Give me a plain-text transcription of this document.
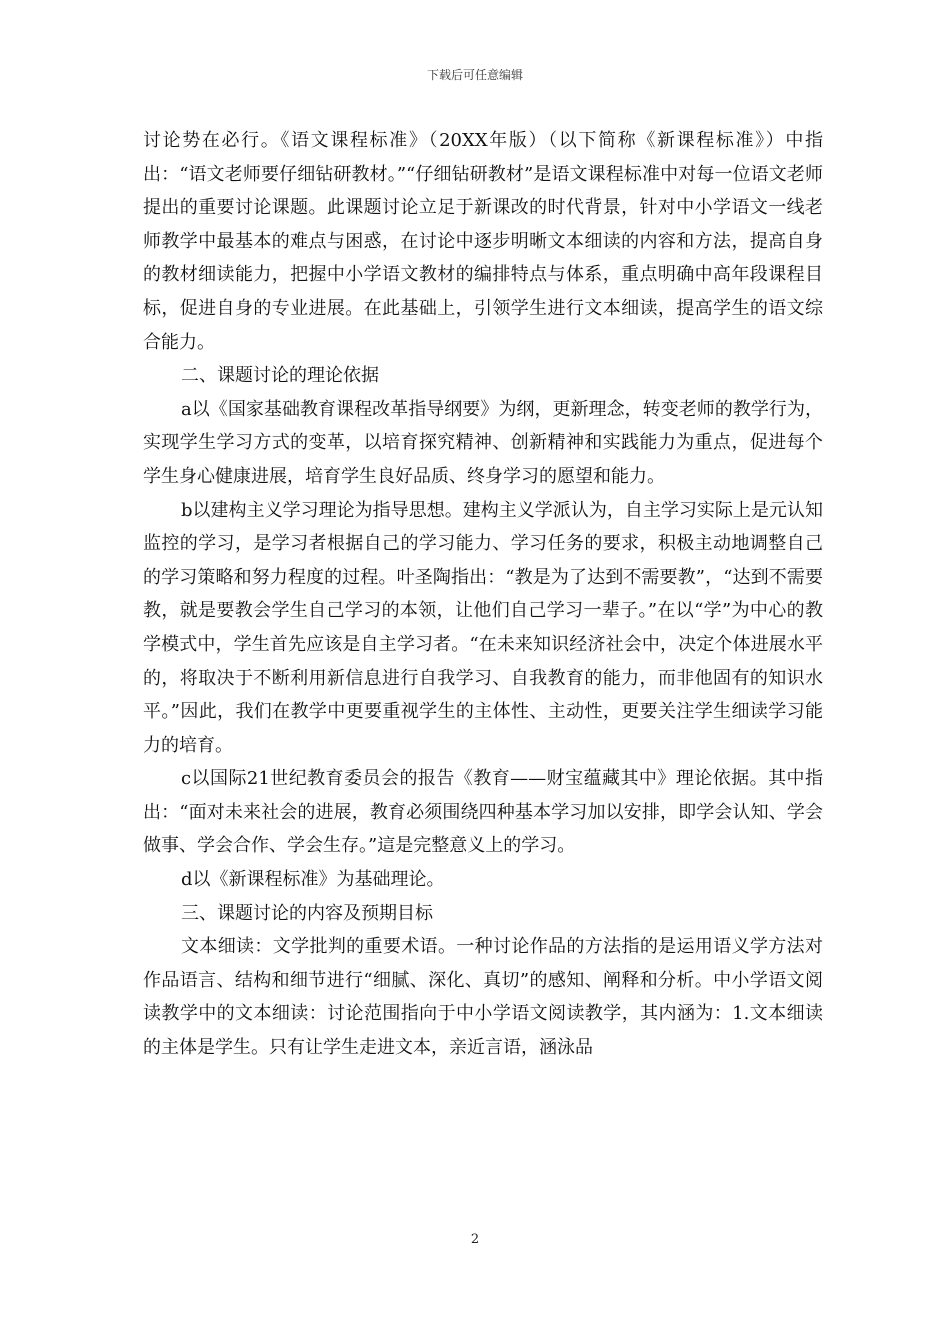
下载后可任意编辑

讨论势在必行。《语文课程标准》（20XX年版）（以下简称《新课程标准》）中指出：“语文老师要仔细钻研教材。”“仔细钻研教材”是语文课程标准中对每一位语文老师提出的重要讨论课题。此课题讨论立足于新课改的时代背景，针对中小学语文一线老师教学中最基本的难点与困惑，在讨论中逐步明晰文本细读的内容和方法，提高自身的教材细读能力，把握中小学语文教材的编排特点与体系，重点明确中高年段课程目标，促进自身的专业进展。在此基础上，引领学生进行文本细读，提高学生的语文综合能力。

二、课题讨论的理论依据

a以《国家基础教育课程改革指导纲要》为纲，更新理念，转变老师的教学行为，实现学生学习方式的变革，以培育探究精神、创新精神和实践能力为重点，促进每个学生身心健康进展，培育学生良好品质、终身学习的愿望和能力。

b以建构主义学习理论为指导思想。建构主义学派认为，自主学习实际上是元认知监控的学习，是学习者根据自己的学习能力、学习任务的要求，积极主动地调整自己的学习策略和努力程度的过程。叶圣陶指出：“教是为了达到不需要教”，“达到不需要教，就是要教会学生自己学习的本领，让他们自己学习一辈子。”在以“学”为中心的教学模式中，学生首先应该是自主学习者。“在未来知识经济社会中，决定个体进展水平的，将取决于不断利用新信息进行自我学习、自我教育的能力，而非他固有的知识水平。”因此，我们在教学中更要重视学生的主体性、主动性，更要关注学生细读学习能力的培育。

c以国际21世纪教育委员会的报告《教育——财宝蕴藏其中》理论依据。其中指出：“面对未来社会的进展，教育必须围绕四种基本学习加以安排，即学会认知、学会做事、学会合作、学会生存。”這是完整意义上的学习。

d以《新课程标准》为基础理论。

三、课题讨论的内容及预期目标

文本细读：文学批判的重要术语。一种讨论作品的方法指的是运用语义学方法对作品语言、结构和细节进行“细腻、深化、真切”的感知、阐释和分析。中小学语文阅读教学中的文本细读：讨论范围指向于中小学语文阅读教学，其内涵为：1.文本细读的主体是学生。只有让学生走进文本，亲近言语，涵泳品

2
